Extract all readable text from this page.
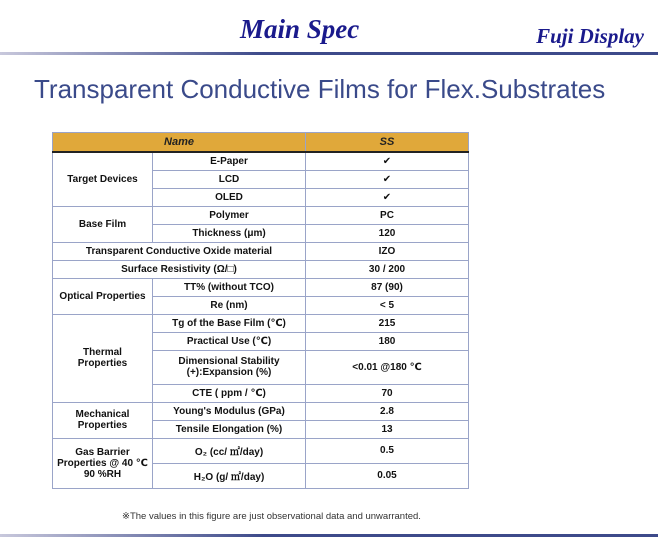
Main Spec	Fuji Display
Transparent Conductive Films for Flex.Substrates
Name		SS
Target Devices	E-Paper	✔
	LCD	✔
	OLED	✔
Base Film	Polymer	PC
	Thickness (μm)	120
Transparent Conductive Oxide material		IZO
Surface Resistivity (Ω/□)		30 / 200
Optical Properties	TT% (without TCO)	87 (90)
	Re (nm)	< 5
Thermal Properties	Tg of the Base Film (℃)	215
	Practical Use (℃)	180
	Dimensional Stability (+):Expansion (%)	<0.01 @180 ℃
	CTE ( ppm / ℃)	70
Mechanical Properties	Young's Modulus (GPa)	2.8
	Tensile Elongation (%)	13
Gas Barrier Properties @ 40 ℃ 90 %RH	O₂ (cc/ ㎡/day)	0.5
	H₂O (g/ ㎡/day)	0.05
※The values in this figure are just observational data and unwarranted.
